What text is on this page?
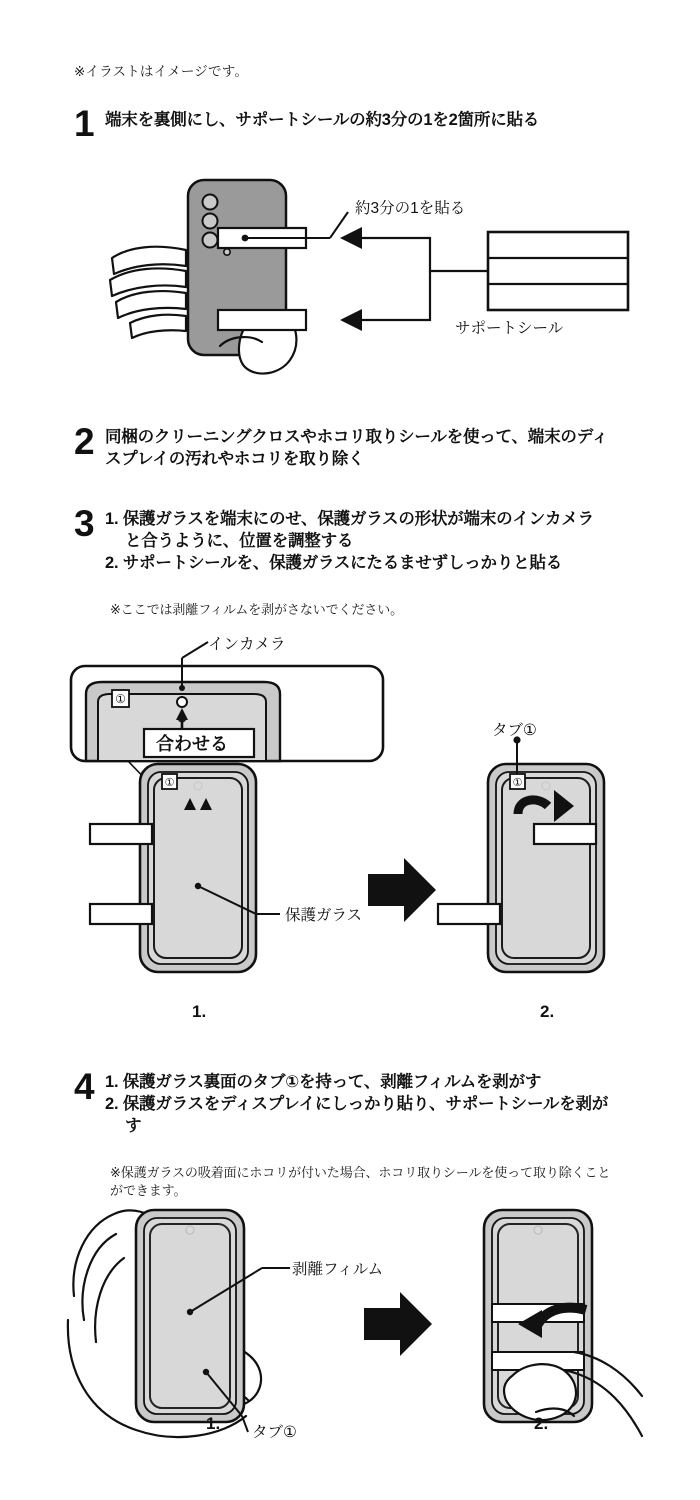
※イラストはイメージです。
1 端末を裏側にし、サポートシールの約3分の1を2箇所に貼る
約3分の1を貼る
サポートシール
2 同梱のクリーニングクロスやホコリ取りシールを使って、端末のディスプレイの汚れやホコリを取り除く
3 1. 保護ガラスを端末にのせ、保護ガラスの形状が端末のインカメラと合うように、位置を調整する
2. サポートシールを、保護ガラスにたるませずしっかりと貼る
※ここでは剥離フィルムを剥がさないでください。
①
①	①
インカメラ
合わせる
保護ガラス
タブ①
1.	2.
4 1. 保護ガラス裏面のタブ①を持って、剥離フィルムを剥がす
2. 保護ガラスをディスプレイにしっかり貼り、サポートシールを剥がす
※保護ガラスの吸着面にホコリが付いた場合、ホコリ取りシールを使って取り除くことができます。
剥離フィルム
タブ①
1.	2.
